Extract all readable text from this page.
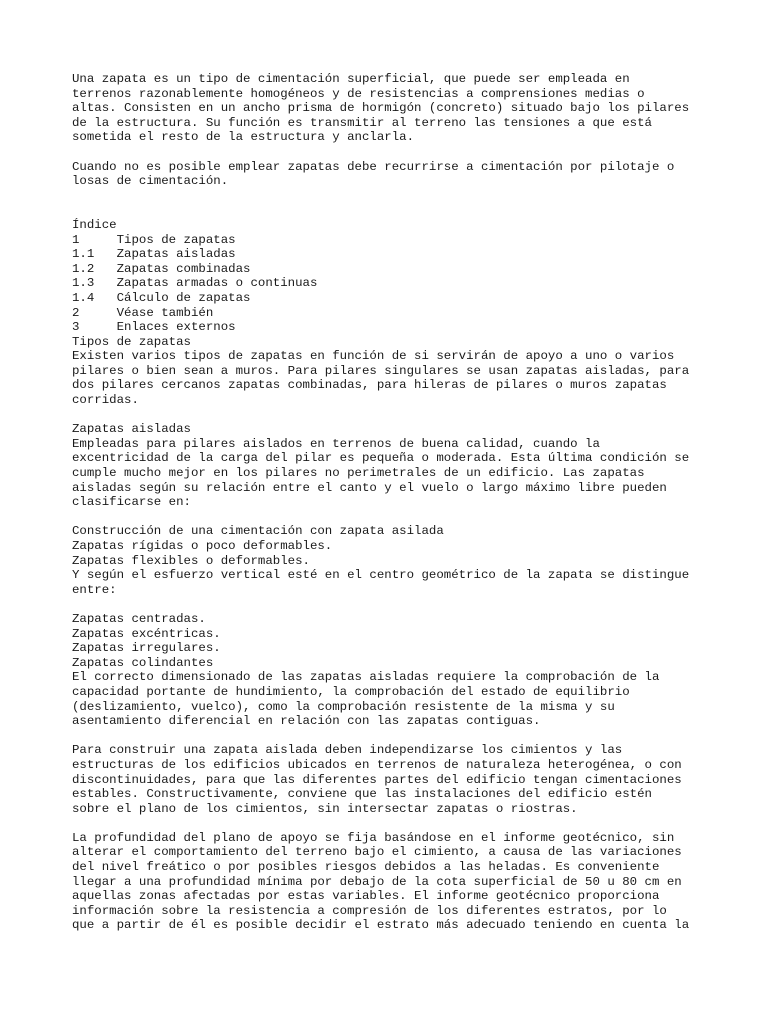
Una zapata es un tipo de cimentación superficial, que puede ser empleada en
terrenos razonablemente homogéneos y de resistencias a comprensiones medias o
altas. Consisten en un ancho prisma de hormigón (concreto) situado bajo los pilares
de la estructura. Su función es transmitir al terreno las tensiones a que está
sometida el resto de la estructura y anclarla.
Cuando no es posible emplear zapatas debe recurrirse a cimentación por pilotaje o
losas de cimentación.
Índice
1     Tipos de zapatas
1.1   Zapatas aisladas
1.2   Zapatas combinadas
1.3   Zapatas armadas o continuas
1.4   Cálculo de zapatas
2     Véase también
3     Enlaces externos
Tipos de zapatas
Existen varios tipos de zapatas en función de si servirán de apoyo a uno o varios
pilares o bien sean a muros. Para pilares singulares se usan zapatas aisladas, para
dos pilares cercanos zapatas combinadas, para hileras de pilares o muros zapatas
corridas.
Zapatas aisladas
Empleadas para pilares aislados en terrenos de buena calidad, cuando la
excentricidad de la carga del pilar es pequeña o moderada. Esta última condición se
cumple mucho mejor en los pilares no perimetrales de un edificio. Las zapatas
aisladas según su relación entre el canto y el vuelo o largo máximo libre pueden
clasificarse en:
Construcción de una cimentación con zapata asilada
Zapatas rígidas o poco deformables.
Zapatas flexibles o deformables.
Y según el esfuerzo vertical esté en el centro geométrico de la zapata se distingue
entre:
Zapatas centradas.
Zapatas excéntricas.
Zapatas irregulares.
Zapatas colindantes
El correcto dimensionado de las zapatas aisladas requiere la comprobación de la
capacidad portante de hundimiento, la comprobación del estado de equilibrio
(deslizamiento, vuelco), como la comprobación resistente de la misma y su
asentamiento diferencial en relación con las zapatas contiguas.
Para construir una zapata aislada deben independizarse los cimientos y las
estructuras de los edificios ubicados en terrenos de naturaleza heterogénea, o con
discontinuidades, para que las diferentes partes del edificio tengan cimentaciones
estables. Constructivamente, conviene que las instalaciones del edificio estén
sobre el plano de los cimientos, sin intersectar zapatas o riostras.
La profundidad del plano de apoyo se fija basándose en el informe geotécnico, sin
alterar el comportamiento del terreno bajo el cimiento, a causa de las variaciones
del nivel freático o por posibles riesgos debidos a las heladas. Es conveniente
llegar a una profundidad mínima por debajo de la cota superficial de 50 u 80 cm en
aquellas zonas afectadas por estas variables. El informe geotécnico proporciona
información sobre la resistencia a compresión de los diferentes estratos, por lo
que a partir de él es posible decidir el estrato más adecuado teniendo en cuenta la
